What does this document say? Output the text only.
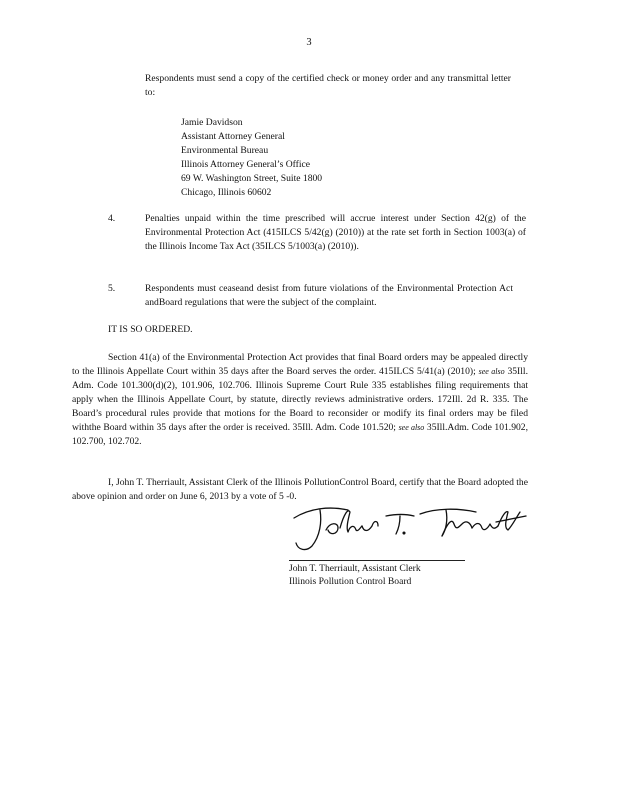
3
Respondents must send a copy of the certified check or money order and any transmittal letter to:
Jamie Davidson
Assistant Attorney General
Environmental Bureau
Illinois Attorney General’s Office
69 W. Washington Street, Suite 1800
Chicago, Illinois 60602
4.	Penalties unpaid within the time prescribed will accrue interest under Section 42(g) of the Environmental Protection Act (415ILCS 5/42(g) (2010)) at the rate set forth in Section 1003(a) of the Illinois Income Tax Act (35ILCS 5/1003(a) (2010)).
5.	Respondents must ceaseand desist from future violations of the Environmental Protection Act andBoard regulations that were the subject of the complaint.
IT IS SO ORDERED.
Section 41(a) of the Environmental Protection Act provides that final Board orders may be appealed directly to the Illinois Appellate Court within 35 days after the Board serves the order. 415ILCS 5/41(a) (2010); see also 35Ill. Adm. Code 101.300(d)(2), 101.906, 102.706. Illinois Supreme Court Rule 335 establishes filing requirements that apply when the Illinois Appellate Court, by statute, directly reviews administrative orders. 172Ill. 2d R. 335. The Board’s procedural rules provide that motions for the Board to reconsider or modify its final orders may be filed withthe Board within 35 days after the order is received. 35Ill. Adm. Code 101.520; see also 35Ill.Adm. Code 101.902, 102.700, 102.702.
I, John T. Therriault, Assistant Clerk of the Illinois PollutionControl Board, certify that the Board adopted the above opinion and order on June 6, 2013 by a vote of 5 -0.
John T. Therriault, Assistant Clerk
Illinois Pollution Control Board
